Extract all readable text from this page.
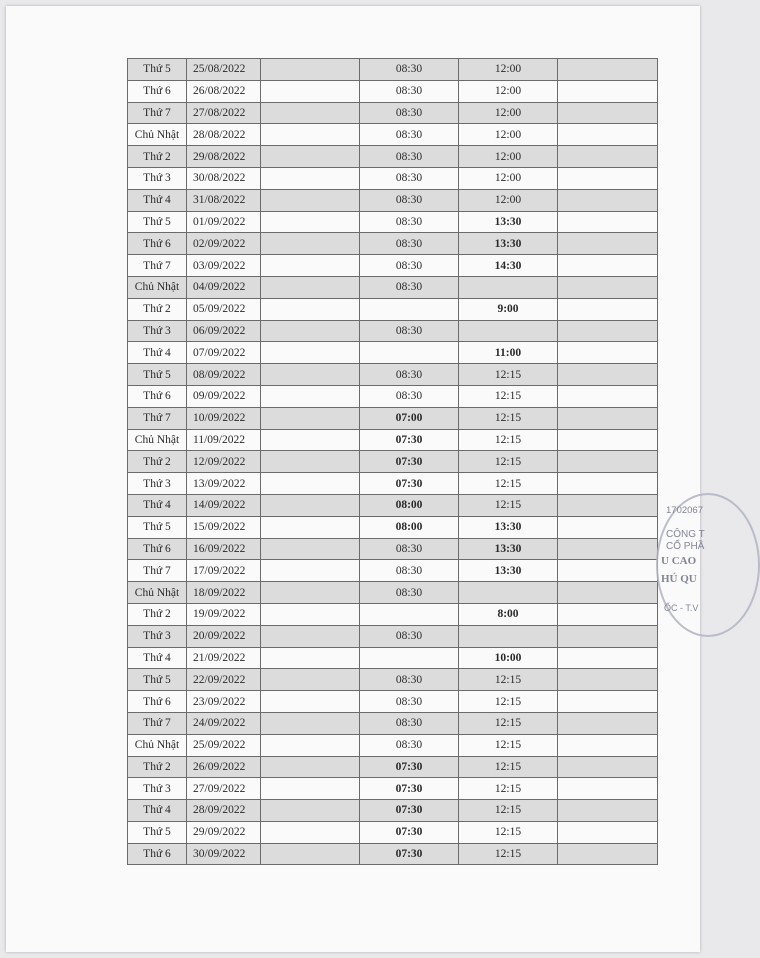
Thứ 5	25/08/2022		08:30	12:00	
Thứ 6	26/08/2022		08:30	12:00	
Thứ 7	27/08/2022		08:30	12:00	
Chủ Nhật	28/08/2022		08:30	12:00	
Thứ 2	29/08/2022		08:30	12:00	
Thứ 3	30/08/2022		08:30	12:00	
Thứ 4	31/08/2022		08:30	12:00	
Thứ 5	01/09/2022		08:30	13:30	
Thứ 6	02/09/2022		08:30	13:30	
Thứ 7	03/09/2022		08:30	14:30	
Chủ Nhật	04/09/2022		08:30		
Thứ 2	05/09/2022			9:00	
Thứ 3	06/09/2022		08:30		
Thứ 4	07/09/2022			11:00	
Thứ 5	08/09/2022		08:30	12:15	
Thứ 6	09/09/2022		08:30	12:15	
Thứ 7	10/09/2022		07:00	12:15	
Chủ Nhật	11/09/2022		07:30	12:15	
Thứ 2	12/09/2022		07:30	12:15	
Thứ 3	13/09/2022		07:30	12:15	
Thứ 4	14/09/2022		08:00	12:15	
Thứ 5	15/09/2022		08:00	13:30	
Thứ 6	16/09/2022		08:30	13:30	
Thứ 7	17/09/2022		08:30	13:30	
Chủ Nhật	18/09/2022		08:30		
Thứ 2	19/09/2022			8:00	
Thứ 3	20/09/2022		08:30		
Thứ 4	21/09/2022			10:00	
Thứ 5	22/09/2022		08:30	12:15	
Thứ 6	23/09/2022		08:30	12:15	
Thứ 7	24/09/2022		08:30	12:15	
Chủ Nhật	25/09/2022		08:30	12:15	
Thứ 2	26/09/2022		07:30	12:15	
Thứ 3	27/09/2022		07:30	12:15	
Thứ 4	28/09/2022		07:30	12:15	
Thứ 5	29/09/2022		07:30	12:15	
Thứ 6	30/09/2022		07:30	12:15	
1702067
CÔNG T
CỔ PHẦ
U CAO
HÚ QU
ỐC - T.V
